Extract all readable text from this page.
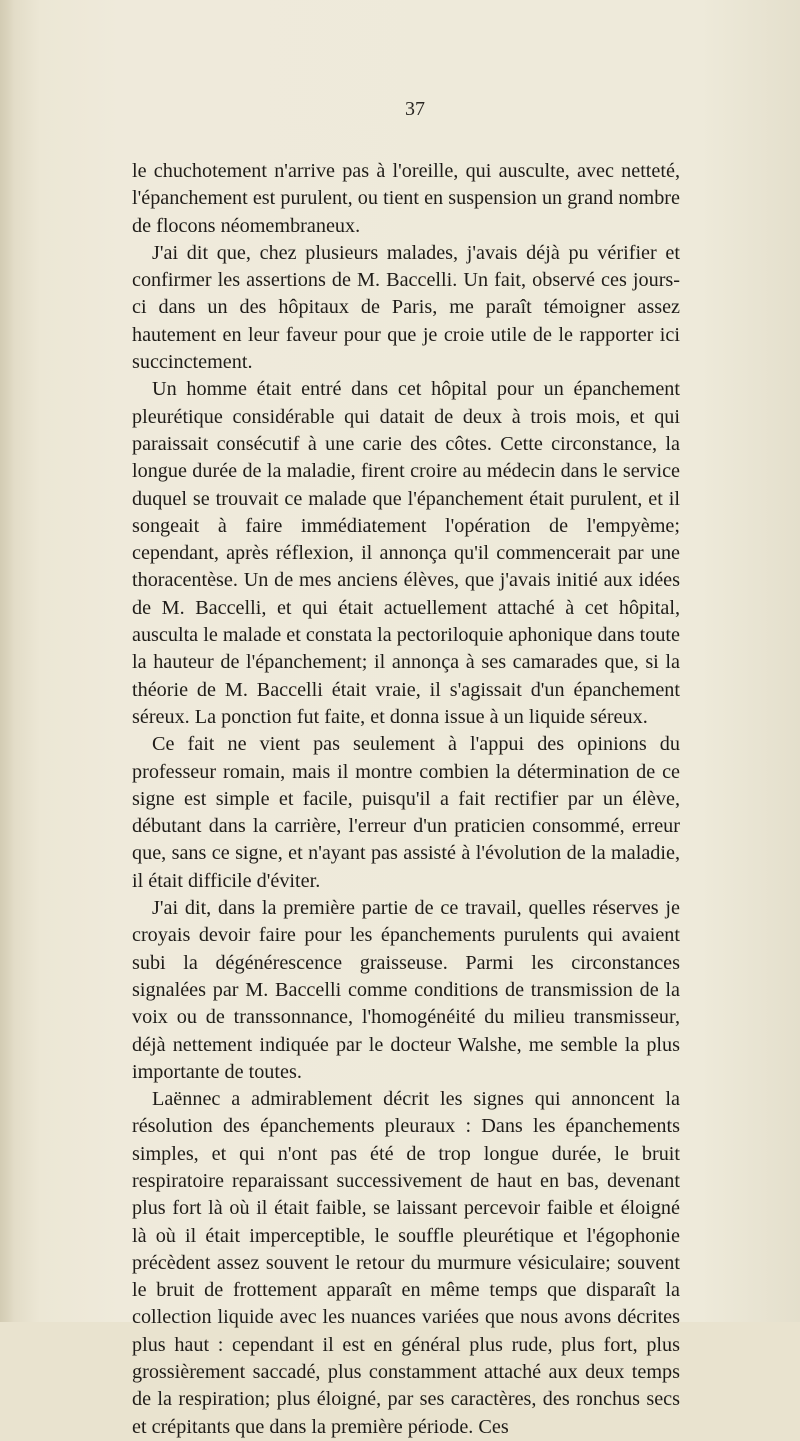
37

le chuchotement n'arrive pas à l'oreille, qui ausculte, avec netteté, l'épanchement est purulent, ou tient en suspension un grand nombre de flocons néomembraneux.

J'ai dit que, chez plusieurs malades, j'avais déjà pu vérifier et confirmer les assertions de M. Baccelli. Un fait, observé ces jours-ci dans un des hôpitaux de Paris, me paraît témoigner assez hautement en leur faveur pour que je croie utile de le rapporter ici succinctement.

Un homme était entré dans cet hôpital pour un épanchement pleurétique considérable qui datait de deux à trois mois, et qui paraissait consécutif à une carie des côtes. Cette circonstance, la longue durée de la maladie, firent croire au médecin dans le service duquel se trouvait ce malade que l'épanchement était purulent, et il songeait à faire immédiatement l'opération de l'empyème; cependant, après réflexion, il annonça qu'il commencerait par une thoracentèse. Un de mes anciens élèves, que j'avais initié aux idées de M. Baccelli, et qui était actuellement attaché à cet hôpital, ausculta le malade et constata la pectoriloquie aphonique dans toute la hauteur de l'épanchement; il annonça à ses camarades que, si la théorie de M. Baccelli était vraie, il s'agissait d'un épanchement séreux. La ponction fut faite, et donna issue à un liquide séreux.

Ce fait ne vient pas seulement à l'appui des opinions du professeur romain, mais il montre combien la détermination de ce signe est simple et facile, puisqu'il a fait rectifier par un élève, débutant dans la carrière, l'erreur d'un praticien consommé, erreur que, sans ce signe, et n'ayant pas assisté à l'évolution de la maladie, il était difficile d'éviter.

J'ai dit, dans la première partie de ce travail, quelles réserves je croyais devoir faire pour les épanchements purulents qui avaient subi la dégénérescence graisseuse. Parmi les circonstances signalées par M. Baccelli comme conditions de transmission de la voix ou de transsonnance, l'homogénéité du milieu transmisseur, déjà nettement indiquée par le docteur Walshe, me semble la plus importante de toutes.

Laënnec a admirablement décrit les signes qui annoncent la résolution des épanchements pleuraux : Dans les épanchements simples, et qui n'ont pas été de trop longue durée, le bruit respiratoire reparaissant successivement de haut en bas, devenant plus fort là où il était faible, se laissant percevoir faible et éloigné là où il était imperceptible, le souffle pleurétique et l'égophonie précèdent assez souvent le retour du murmure vésiculaire; souvent le bruit de frottement apparaît en même temps que disparaît la collection liquide avec les nuances variées que nous avons décrites plus haut : cependant il est en général plus rude, plus fort, plus grossièrement saccadé, plus constamment attaché aux deux temps de la respiration; plus éloigné, par ses caractères, des ronchus secs et crépitants que dans la première période. Ces
